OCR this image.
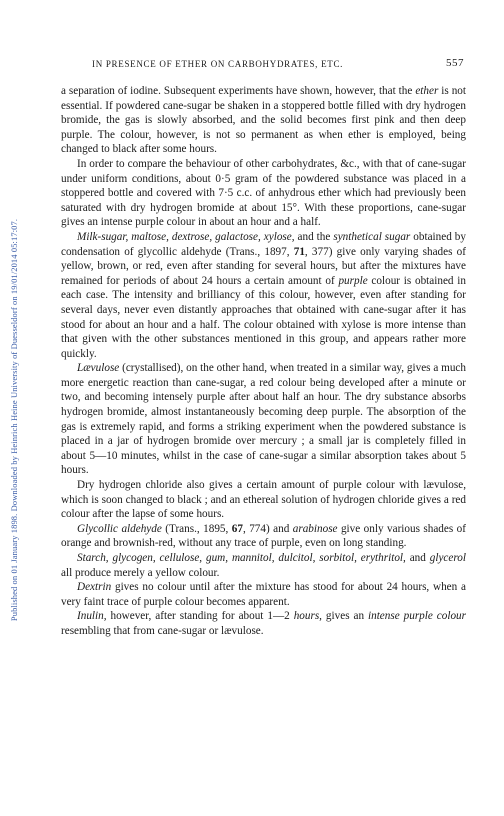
Published on 01 January 1898. Downloaded by Heinrich Heine University of Duesseldorf on 19/01/2014 05:17:07.
IN PRESENCE OF ETHER ON CARBOHYDRATES, ETC.	557

a separation of iodine. Subsequent experiments have shown, however, that the ether is not essential. If powdered cane-sugar be shaken in a stoppered bottle filled with dry hydrogen bromide, the gas is slowly absorbed, and the solid becomes first pink and then deep purple. The colour, however, is not so permanent as when ether is employed, being changed to black after some hours.

In order to compare the behaviour of other carbohydrates, &c., with that of cane-sugar under uniform conditions, about 0·5 gram of the powdered substance was placed in a stoppered bottle and covered with 7·5 c.c. of anhydrous ether which had previously been saturated with dry hydrogen bromide at about 15°. With these proportions, cane-sugar gives an intense purple colour in about an hour and a half.

Milk-sugar, maltose, dextrose, galactose, xylose, and the synthetical sugar obtained by condensation of glycollic aldehyde (Trans., 1897, 71, 377) give only varying shades of yellow, brown, or red, even after standing for several hours, but after the mixtures have remained for periods of about 24 hours a certain amount of purple colour is obtained in each case. The intensity and brilliancy of this colour, however, even after standing for several days, never even distantly approaches that obtained with cane-sugar after it has stood for about an hour and a half. The colour obtained with xylose is more intense than that given with the other substances mentioned in this group, and appears rather more quickly.

Lævulose (crystallised), on the other hand, when treated in a similar way, gives a much more energetic reaction than cane-sugar, a red colour being developed after a minute or two, and becoming intensely purple after about half an hour. The dry substance absorbs hydrogen bromide, almost instantaneously becoming deep purple. The absorption of the gas is extremely rapid, and forms a striking experiment when the powdered substance is placed in a jar of hydrogen bromide over mercury ; a small jar is completely filled in about 5—10 minutes, whilst in the case of cane-sugar a similar absorption takes about 5 hours.

Dry hydrogen chloride also gives a certain amount of purple colour with lævulose, which is soon changed to black ; and an ethereal solution of hydrogen chloride gives a red colour after the lapse of some hours.

Glycollic aldehyde (Trans., 1895, 67, 774) and arabinose give only various shades of orange and brownish-red, without any trace of purple, even on long standing.

Starch, glycogen, cellulose, gum, mannitol, dulcitol, sorbitol, erythritol, and glycerol all produce merely a yellow colour.

Dextrin gives no colour until after the mixture has stood for about 24 hours, when a very faint trace of purple colour becomes apparent.

Inulin, however, after standing for about 1—2 hours, gives an intense purple colour resembling that from cane-sugar or lævulose.
